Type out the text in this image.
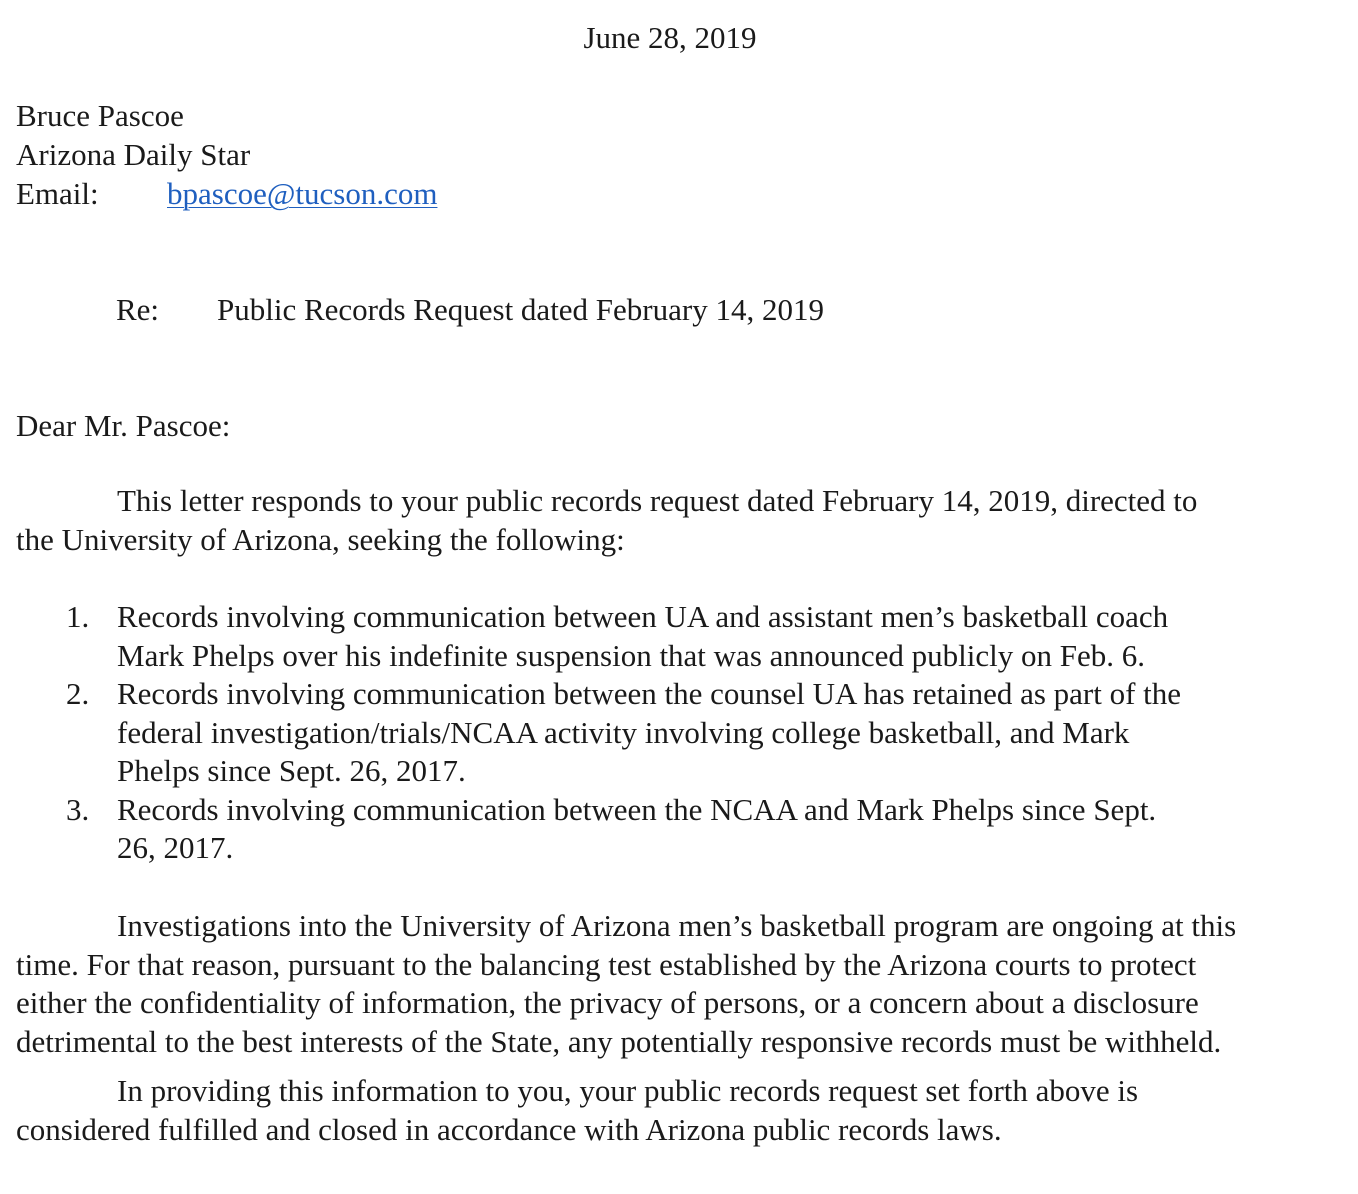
June 28, 2019
Bruce Pascoe
Arizona Daily Star
Email: bpascoe@tucson.com
Re: Public Records Request dated February 14, 2019
Dear Mr. Pascoe:
This letter responds to your public records request dated February 14, 2019, directed to
the University of Arizona, seeking the following:
1. Records involving communication between UA and assistant men’s basketball coach
Mark Phelps over his indefinite suspension that was announced publicly on Feb. 6.
2. Records involving communication between the counsel UA has retained as part of the
federal investigation/trials/NCAA activity involving college basketball, and Mark
Phelps since Sept. 26, 2017.
3. Records involving communication between the NCAA and Mark Phelps since Sept.
26, 2017.
Investigations into the University of Arizona men’s basketball program are ongoing at this
time. For that reason, pursuant to the balancing test established by the Arizona courts to protect
either the confidentiality of information, the privacy of persons, or a concern about a disclosure
detrimental to the best interests of the State, any potentially responsive records must be withheld.
In providing this information to you, your public records request set forth above is
considered fulfilled and closed in accordance with Arizona public records laws.
